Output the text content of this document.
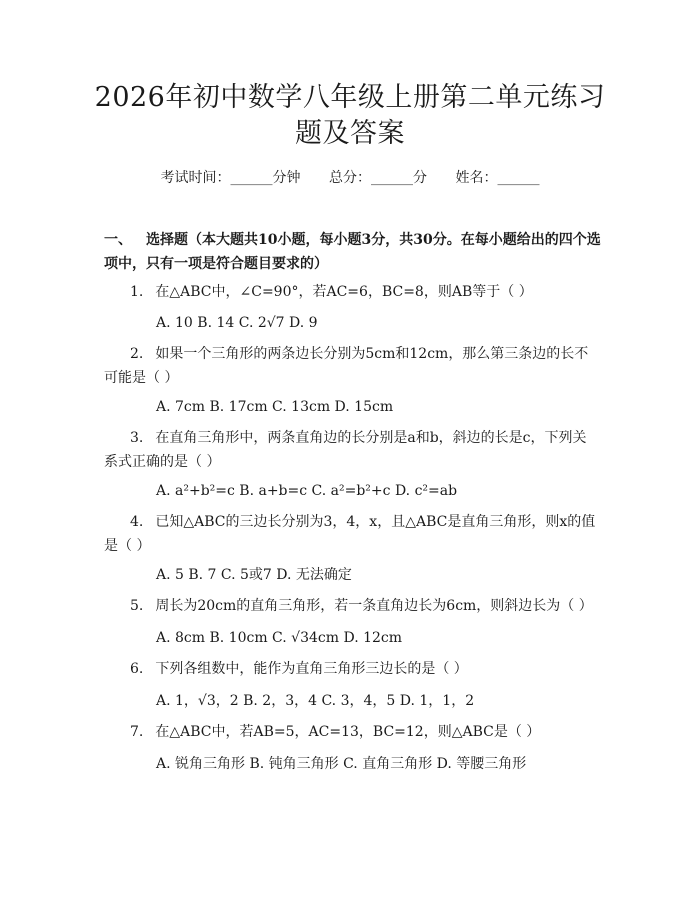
2026年初中数学八年级上册第二单元练习题及答案
考试时间：______分钟 总分：______分 姓名：______
一、 选择题（本大题共10小题，每小题3分，共30分。在每小题给出的四个选项中，只有一项是符合题目要求的）
1. 在△ABC中，∠C=90°，若AC=6，BC=8，则AB等于（ ）
A. 10 B. 14 C. 2√7 D. 9
2. 如果一个三角形的两条边长分别为5cm和12cm，那么第三条边的长不可能是（ ）
A. 7cm B. 17cm C. 13cm D. 15cm
3. 在直角三角形中，两条直角边的长分别是a和b，斜边的长是c，下列关系式正确的是（ ）
A. a²+b²=c B. a+b=c C. a²=b²+c D. c²=ab
4. 已知△ABC的三边长分别为3，4，x，且△ABC是直角三角形，则x的值是（ ）
A. 5 B. 7 C. 5或7 D. 无法确定
5. 周长为20cm的直角三角形，若一条直角边长为6cm，则斜边长为（ ）
A. 8cm B. 10cm C. √34cm D. 12cm
6. 下列各组数中，能作为直角三角形三边长的是（ ）
A. 1，√3，2 B. 2，3，4 C. 3，4，5 D. 1，1，2
7. 在△ABC中，若AB=5，AC=13，BC=12，则△ABC是（ ）
A. 锐角三角形 B. 钝角三角形 C. 直角三角形 D. 等腰三角形
